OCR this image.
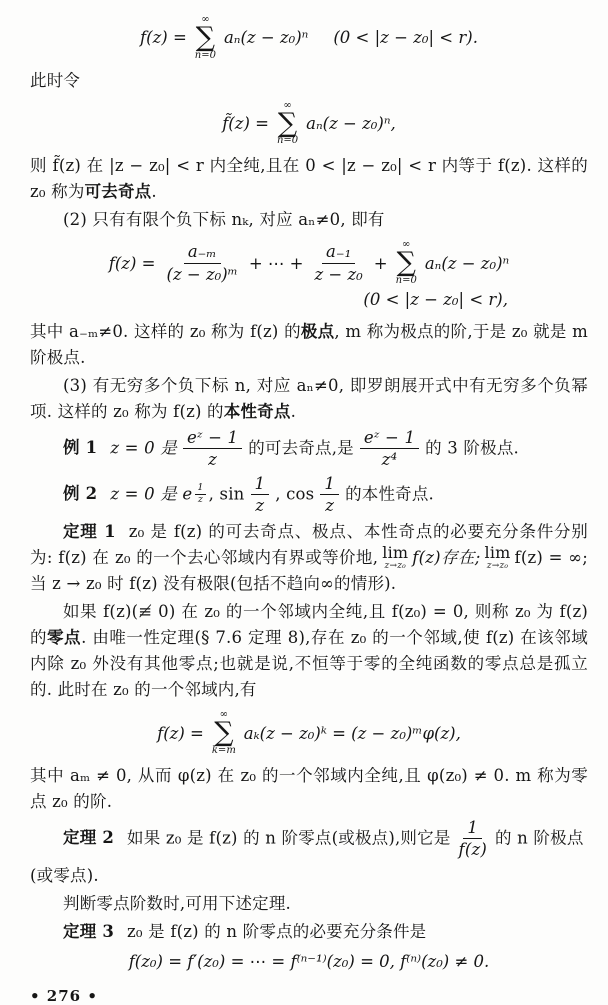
f(z) =
∞
∑
n=0
aₙ(z − z₀)ⁿ (0 < |z − z₀| < r).

此时令

f̃(z) =
∞
∑
n=0
aₙ(z − z₀)ⁿ,

则 f̃(z) 在 |z − z₀| < r 内全纯,且在 0 < |z − z₀| < r 内等于 f(z). 这样的 z₀ 称为可去奇点.

(2) 只有有限个负下标 nₖ, 对应 aₙ≠0, 即有

$f(z) = \frac{\text{a₋ₘ}}{\text{(z − z₀)ᵐ}}$ + ⋯ + $\frac{\text{a₋₁}}{\text{z − z₀}}$ +
∞
∑
n=0
aₙ(z − z₀)ⁿ
(0 < |z − z₀| < r),

其中 a₋ₘ≠0. 这样的 z₀ 称为 f(z) 的极点, m 称为极点的阶,于是 z₀ 就是 m 阶极点.

(3) 有无穷多个负下标 n, 对应 aₙ≠0, 即罗朗展开式中有无穷多个负幂项. 这样的 z₀ 称为 f(z) 的本性奇点.

例 1 z = 0 是 $\frac{\text{eᶻ − 1}}{z}$ 的可去奇点,是 $\frac{\text{eᶻ − 1}}{\text{z⁴}}$ 的 3 阶极点.

例 2 z = 0 是 e $\frac{1}{z}$ , $\sin \frac{1}{z}$ , $\cos \frac{1}{z}$ 的本性奇点.

定理 1 z₀ 是 f(z) 的可去奇点、极点、本性奇点的必要充分条件分别为: f(z) 在 z₀ 的一个去心邻域内有界或等价地, lim
z→z₀ f(z)存在; lim
z→z₀ f(z) = ∞; 当 z → z₀ 时 f(z) 没有极限(包括不趋向∞的情形).

如果 f(z)(≢ 0) 在 z₀ 的一个邻域内全纯,且 f(z₀) = 0, 则称 z₀ 为 f(z) 的零点. 由唯一性定理(§ 7.6 定理 8),存在 z₀ 的一个邻域,使 f(z) 在该邻域内除 z₀ 外没有其他零点;也就是说,不恒等于零的全纯函数的零点总是孤立的. 此时在 z₀ 的一个邻域内,有

f(z) =
∞
∑
k=m
aₖ(z − z₀)ᵏ = (z − z₀)ᵐφ(z),

其中 aₘ ≠ 0, 从而 φ(z) 在 z₀ 的一个邻域内全纯,且 φ(z₀) ≠ 0. m 称为零点 z₀ 的阶.

定理 2 如果 z₀ 是 f(z) 的 n 阶零点(或极点),则它是 $\frac{1}{f(z)}$ 的 n 阶极点

(或零点).

判断零点阶数时,可用下述定理.

定理 3 z₀ 是 f(z) 的 n 阶零点的必要充分条件是

f(z₀) = f′(z₀) = ⋯ = f⁽ⁿ⁻¹⁾(z₀) = 0, f⁽ⁿ⁾(z₀) ≠ 0.
• 276 •
